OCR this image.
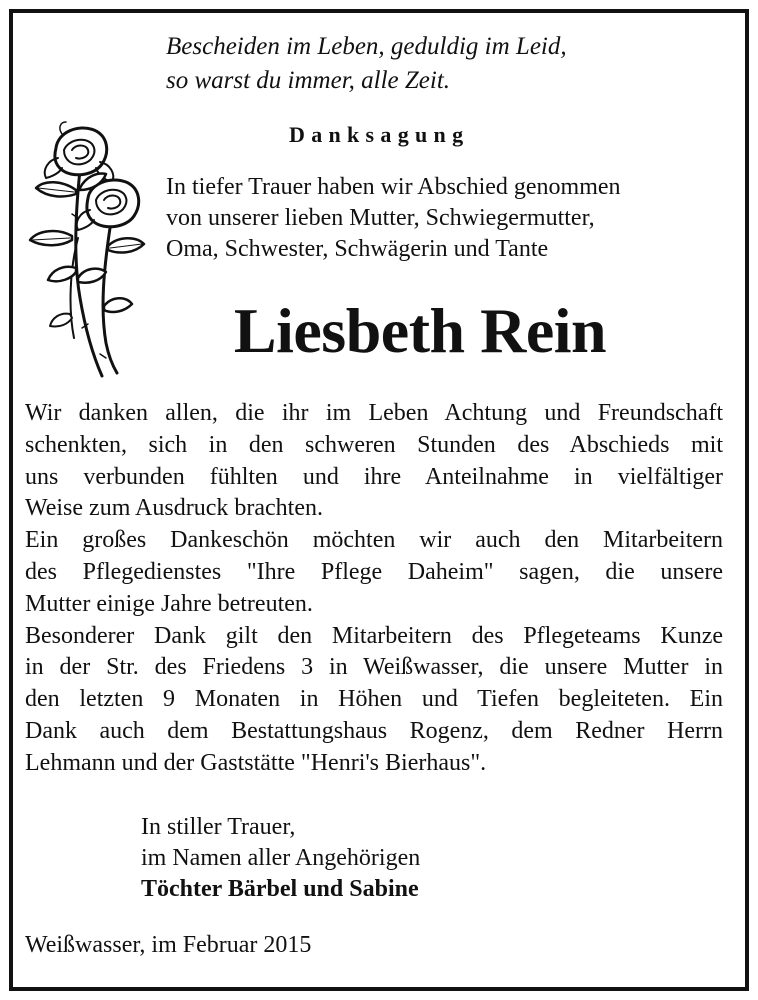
Bescheiden im Leben, geduldig im Leid,
so warst du immer, alle Zeit.
Danksagung
In tiefer Trauer haben wir Abschied genommen
von unserer lieben Mutter, Schwiegermutter,
Oma, Schwester, Schwägerin und Tante
Liesbeth Rein
Wir danken allen, die ihr im Leben Achtung und Freundschaft
schenkten, sich in den schweren Stunden des Abschieds mit
uns verbunden fühlten und ihre Anteilnahme in vielfältiger
Weise zum Ausdruck brachten.
Ein großes Dankeschön möchten wir auch den Mitarbeitern
des Pflegedienstes "Ihre Pflege Daheim" sagen, die unsere
Mutter einige Jahre betreuten.
Besonderer Dank gilt den Mitarbeitern des Pflegeteams Kunze
in der Str. des Friedens 3 in Weißwasser, die unsere Mutter in
den letzten 9 Monaten in Höhen und Tiefen begleiteten. Ein
Dank auch dem Bestattungshaus Rogenz, dem Redner Herrn
Lehmann und der Gaststätte "Henri's Bierhaus".
In stiller Trauer,
im Namen aller Angehörigen
Töchter Bärbel und Sabine
Weißwasser, im Februar 2015
